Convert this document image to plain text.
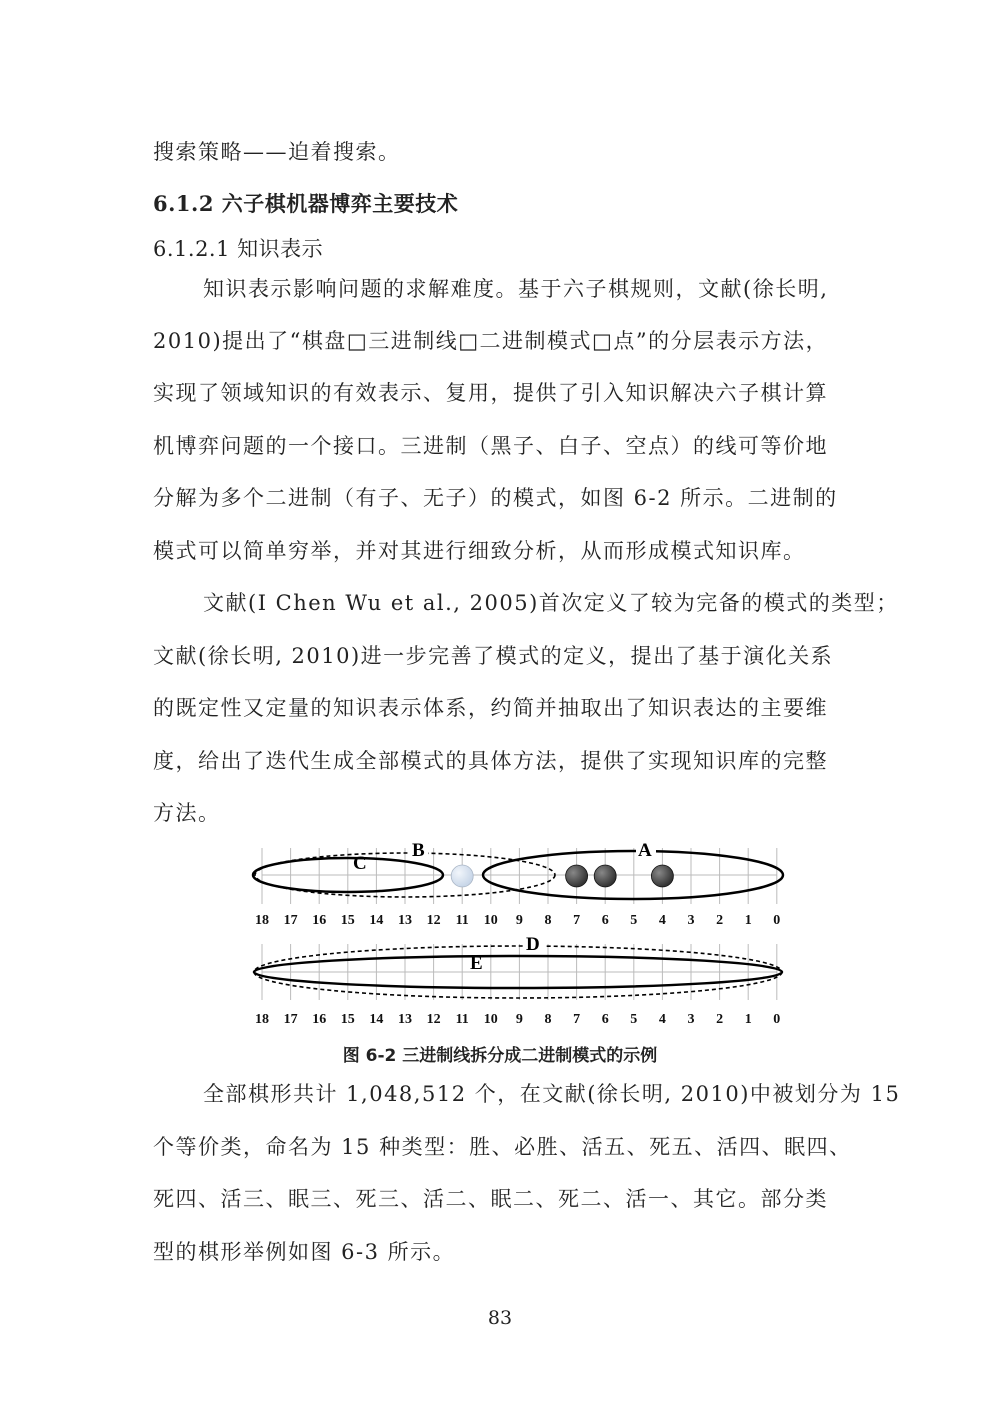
搜索策略——迫着搜索。
6.1.2 六子棋机器博弈主要技术
6.1.2.1 知识表示
知识表示影响问题的求解难度。基于六子棋规则，文献(徐长明,
2010)提出了“棋盘□三进制线□二进制模式□点”的分层表示方法，
实现了领域知识的有效表示、复用，提供了引入知识解决六子棋计算
机博弈问题的一个接口。三进制（黑子、白子、空点）的线可等价地
分解为多个二进制（有子、无子）的模式，如图 6-2 所示。二进制的
模式可以简单穷举，并对其进行细致分析，从而形成模式知识库。
文献(I Chen Wu et al., 2005)首次定义了较为完备的模式的类型；
文献(徐长明, 2010)进一步完善了模式的定义，提出了基于演化关系
的既定性又定量的知识表示体系，约简并抽取出了知识表达的主要维
度，给出了迭代生成全部模式的具体方法，提供了实现知识库的完整
方法。
B
C
A
D
E
18 17 16 15 14 13 12 11 10 9 8 7 6 5 4 3 2 1 0
18 17 16 15 14 13 12 11 10 9 8 7 6 5 4 3 2 1 0
图 6-2 三进制线拆分成二进制模式的示例
全部棋形共计 1,048,512 个，在文献(徐长明, 2010)中被划分为 15
个等价类，命名为 15 种类型：胜、必胜、活五、死五、活四、眠四、
死四、活三、眠三、死三、活二、眠二、死二、活一、其它。部分类
型的棋形举例如图 6-3 所示。
83
